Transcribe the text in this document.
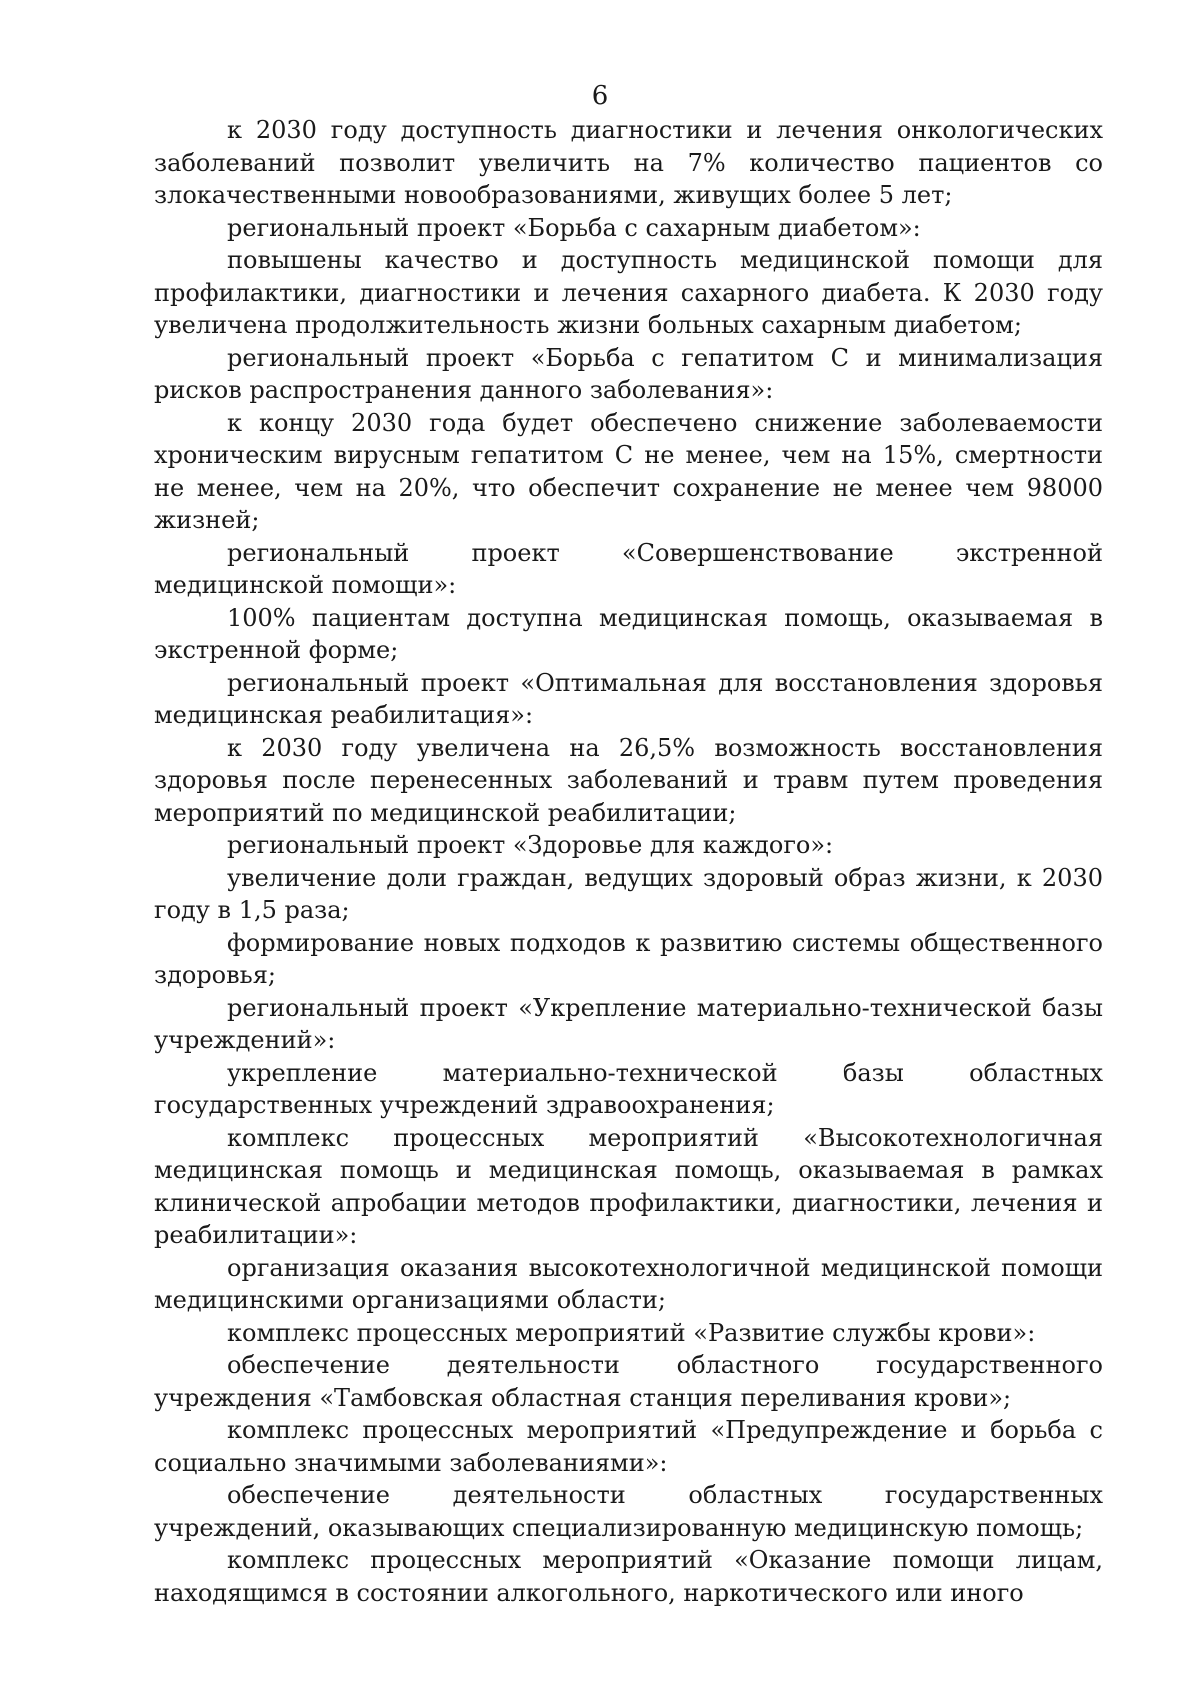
6

к 2030 году доступность диагностики и лечения онкологических заболеваний позволит увеличить на 7% количество пациентов со злокачественными новообразованиями, живущих более 5 лет;

региональный проект «Борьба с сахарным диабетом»:

повышены качество и доступность медицинской помощи для профилактики, диагностики и лечения сахарного диабета. К 2030 году увеличена продолжительность жизни больных сахарным диабетом;

региональный проект «Борьба с гепатитом С и минимализация рисков распространения данного заболевания»:

к концу 2030 года будет обеспечено снижение заболеваемости хроническим вирусным гепатитом С не менее, чем на 15%, смертности не менее, чем на 20%, что обеспечит сохранение не менее чем 98000 жизней;

региональный проект «Совершенствование экстренной медицинской помощи»:

100% пациентам доступна медицинская помощь, оказываемая в экстренной форме;

региональный проект «Оптимальная для восстановления здоровья медицинская реабилитация»:

к 2030 году увеличена на 26,5% возможность восстановления здоровья после перенесенных заболеваний и травм путем проведения мероприятий по медицинской реабилитации;

региональный проект «Здоровье для каждого»:

увеличение доли граждан, ведущих здоровый образ жизни, к 2030 году в 1,5 раза;

формирование новых подходов к развитию системы общественного здоровья;

региональный проект «Укрепление материально-технической базы учреждений»:

укрепление материально-технической базы областных государственных учреждений здравоохранения;

комплекс процессных мероприятий «Высокотехнологичная медицинская помощь и медицинская помощь, оказываемая в рамках клинической апробации методов профилактики, диагностики, лечения и реабилитации»:

организация оказания высокотехнологичной медицинской помощи медицинскими организациями области;

комплекс процессных мероприятий «Развитие службы крови»:

обеспечение деятельности областного государственного учреждения «Тамбовская областная станция переливания крови»;

комплекс процессных мероприятий «Предупреждение и борьба с социально значимыми заболеваниями»:

обеспечение деятельности областных государственных учреждений, оказывающих специализированную медицинскую помощь;

комплекс процессных мероприятий «Оказание помощи лицам, находящимся в состоянии алкогольного, наркотического или иного
